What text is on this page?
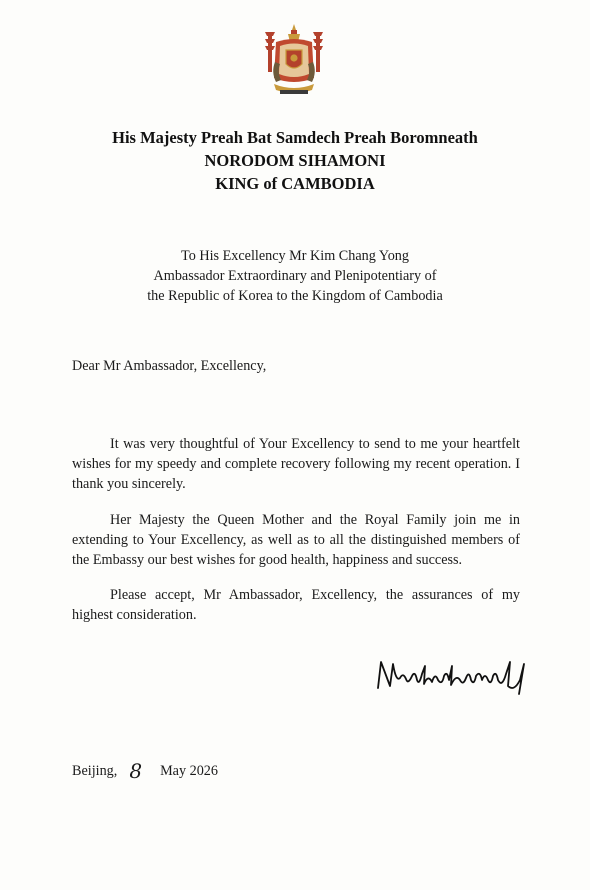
His Majesty Preah Bat Samdech Preah Boromneath
NORODOM SIHAMONI
KING of CAMBODIA
To His Excellency Mr Kim Chang Yong
Ambassador Extraordinary and Plenipotentiary of
the Republic of Korea to the Kingdom of Cambodia
Dear Mr Ambassador, Excellency,

It was very thoughtful of Your Excellency to send to me your heartfelt wishes for my speedy and complete recovery following my recent operation. I thank you sincerely.

Her Majesty the Queen Mother and the Royal Family join me in extending to Your Excellency, as well as to all the distinguished members of the Embassy our best wishes for good health, happiness and success.

Please accept, Mr Ambassador, Excellency, the assurances of my highest consideration.

Beijing, 8 May 2026
